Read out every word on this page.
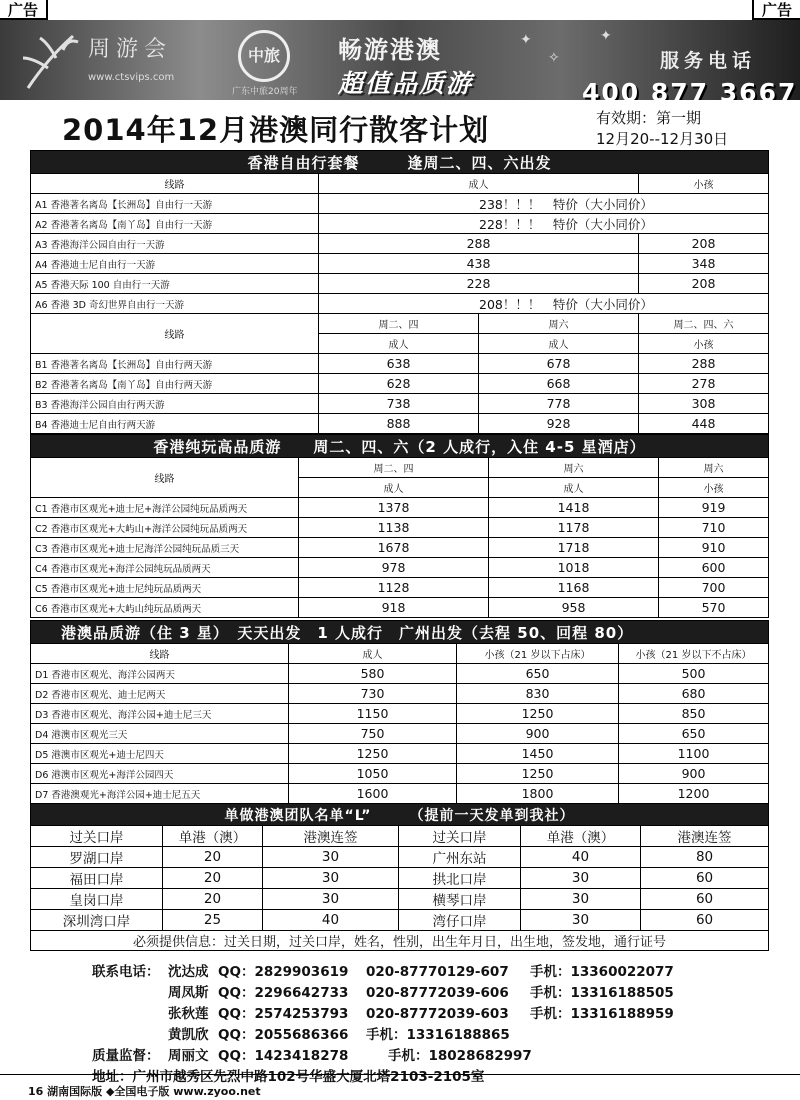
广告	广告
周游会
www.ctsvips.com
中旅
广东中旅20周年
畅游港澳
超值品质游
✦
✧
✦
服务电话
400 877 3667
2014年12月港澳同行散客计划	有效期：第一期
12月20--12月30日
香港自由行套餐　　　逢周二、四、六出发			
线路	成人		小孩
A1 香港著名离岛【长洲岛】自由行一天游	238！！！　特价（大小同价）		
A2 香港著名离岛【南丫岛】自由行一天游	228！！！　特价（大小同价）		
A3 香港海洋公园自由行一天游	288		208
A4 香港迪士尼自由行一天游	438		348
A5 香港天际 100 自由行一天游	228		208
A6 香港 3D 奇幻世界自由行一天游	208！！！　特价（大小同价）		
线路	周二、四	周六	周二、四、六
	成人	成人	小孩
B1 香港著名离岛【长洲岛】自由行两天游	638	678	288
B2 香港著名离岛【南丫岛】自由行两天游	628	668	278
B3 香港海洋公园自由行两天游	738	778	308
B4 香港迪士尼自由行两天游	888	928	448
香港纯玩高品质游　　周二、四、六（2 人成行，入住 4-5 星酒店）			
线路	周二、四	周六	周六
	成人	成人	小孩
C1 香港市区观光+迪士尼+海洋公园纯玩品质两天	1378	1418	919
C2 香港市区观光+大屿山+海洋公园纯玩品质两天	1138	1178	710
C3 香港市区观光+迪士尼海洋公园纯玩品质三天	1678	1718	910
C4 香港市区观光+海洋公园纯玩品质两天	978	1018	600
C5 香港市区观光+迪士尼纯玩品质两天	1128	1168	700
C6 香港市区观光+大屿山纯玩品质两天	918	958	570
港澳品质游（住 3 星）　天天出发　1 人成行　广州出发（去程 50、回程 80）			
线路	成人	小孩（21 岁以下占床）	小孩（21 岁以下不占床）
D1 香港市区观光、海洋公园两天	580	650	500
D2 香港市区观光、迪士尼两天	730	830	680
D3 香港市区观光、海洋公园+迪士尼三天	1150	1250	850
D4 港澳市区观光三天	750	900	650
D5 港澳市区观光+迪士尼四天	1250	1450	1100
D6 港澳市区观光+海洋公园四天	1050	1250	900
D7 香港澳观光+海洋公园+迪士尼五天	1600	1800	1200
单做港澳团队名单“L”　　　（提前一天发单到我社）					
过关口岸	单港（澳）	港澳连签	过关口岸	单港（澳）	港澳连签
罗湖口岸	20	30	广州东站	40	80
福田口岸	20	30	拱北口岸	30	60
皇岗口岸	20	30	横琴口岸	30	60
深圳湾口岸	25	40	湾仔口岸	30	60
必须提供信息：过关日期，过关口岸，姓名，性别，出生年月日，出生地，签发地，通行证号					
联系电话： 沈达成 QQ：2829903619 020-87770129-607 手机：13360022077
周凤斯 QQ：2296642733 020-87772039-606 手机：13316188505
张秋莲 QQ：2574253793 020-87772039-603 手机：13316188959
黄凯欣 QQ：2055686366 手机：13316188865
质量监督： 周丽文 QQ：1423418278	手机：18028682997
地址：广州市越秀区先烈中路102号华盛大厦北塔2103-2105室
16 湖南国际版 ◆全国电子版 www.zyoo.net
